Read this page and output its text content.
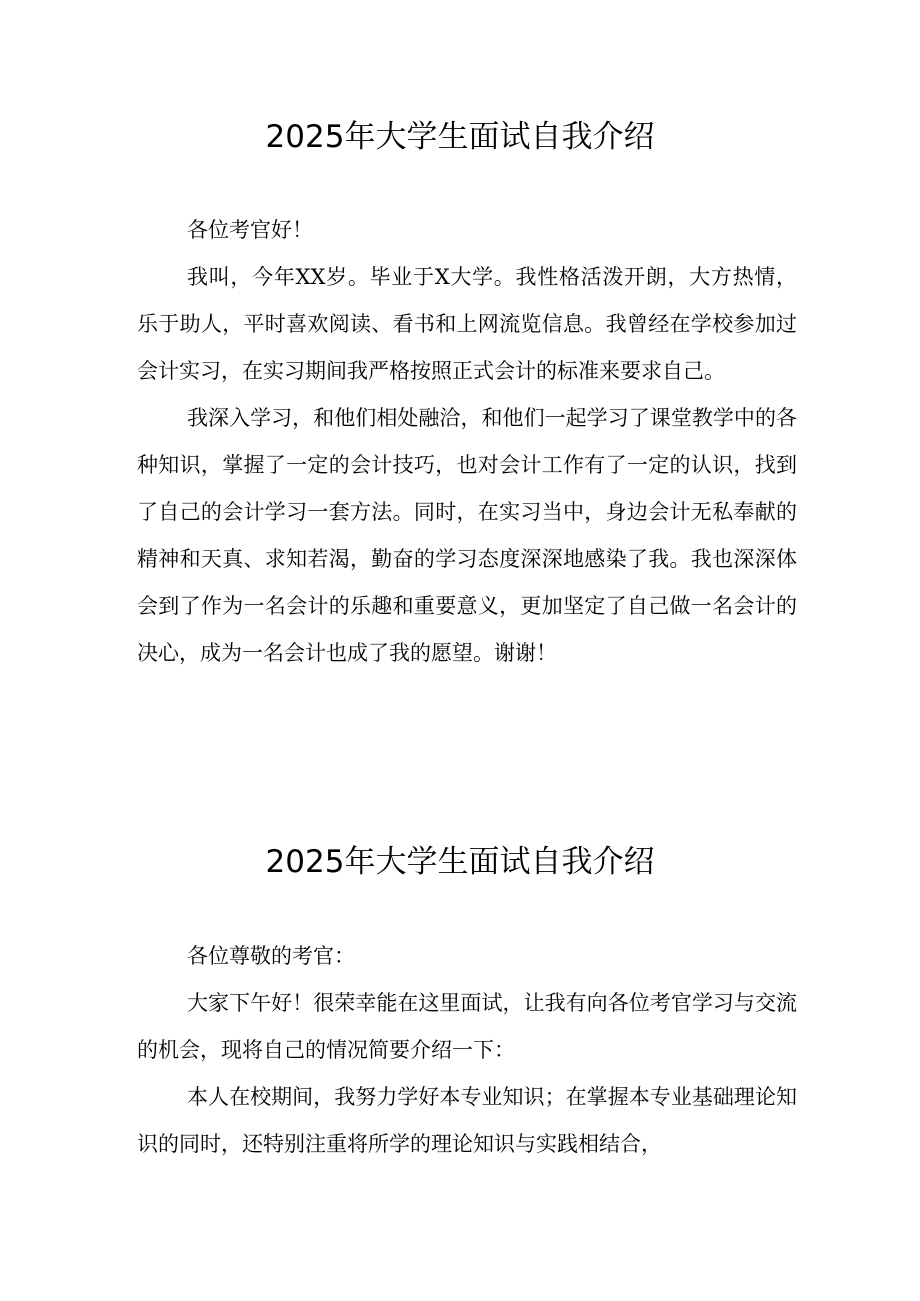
2025年大学生面试自我介绍

各位考官好！

我叫，今年XX岁。毕业于X大学。我性格活泼开朗，大方热情，乐于助人，平时喜欢阅读、看书和上网流览信息。我曾经在学校参加过会计实习，在实习期间我严格按照正式会计的标准来要求自己。

我深入学习，和他们相处融洽，和他们一起学习了课堂教学中的各种知识，掌握了一定的会计技巧，也对会计工作有了一定的认识，找到了自己的会计学习一套方法。同时，在实习当中，身边会计无私奉献的精神和天真、求知若渴，勤奋的学习态度深深地感染了我。我也深深体会到了作为一名会计的乐趣和重要意义，更加坚定了自己做一名会计的决心，成为一名会计也成了我的愿望。谢谢！

2025年大学生面试自我介绍

各位尊敬的考官：

大家下午好！很荣幸能在这里面试，让我有向各位考官学习与交流的机会，现将自己的情况简要介绍一下：

本人在校期间，我努力学好本专业知识；在掌握本专业基础理论知识的同时，还特别注重将所学的理论知识与实践相结合，
